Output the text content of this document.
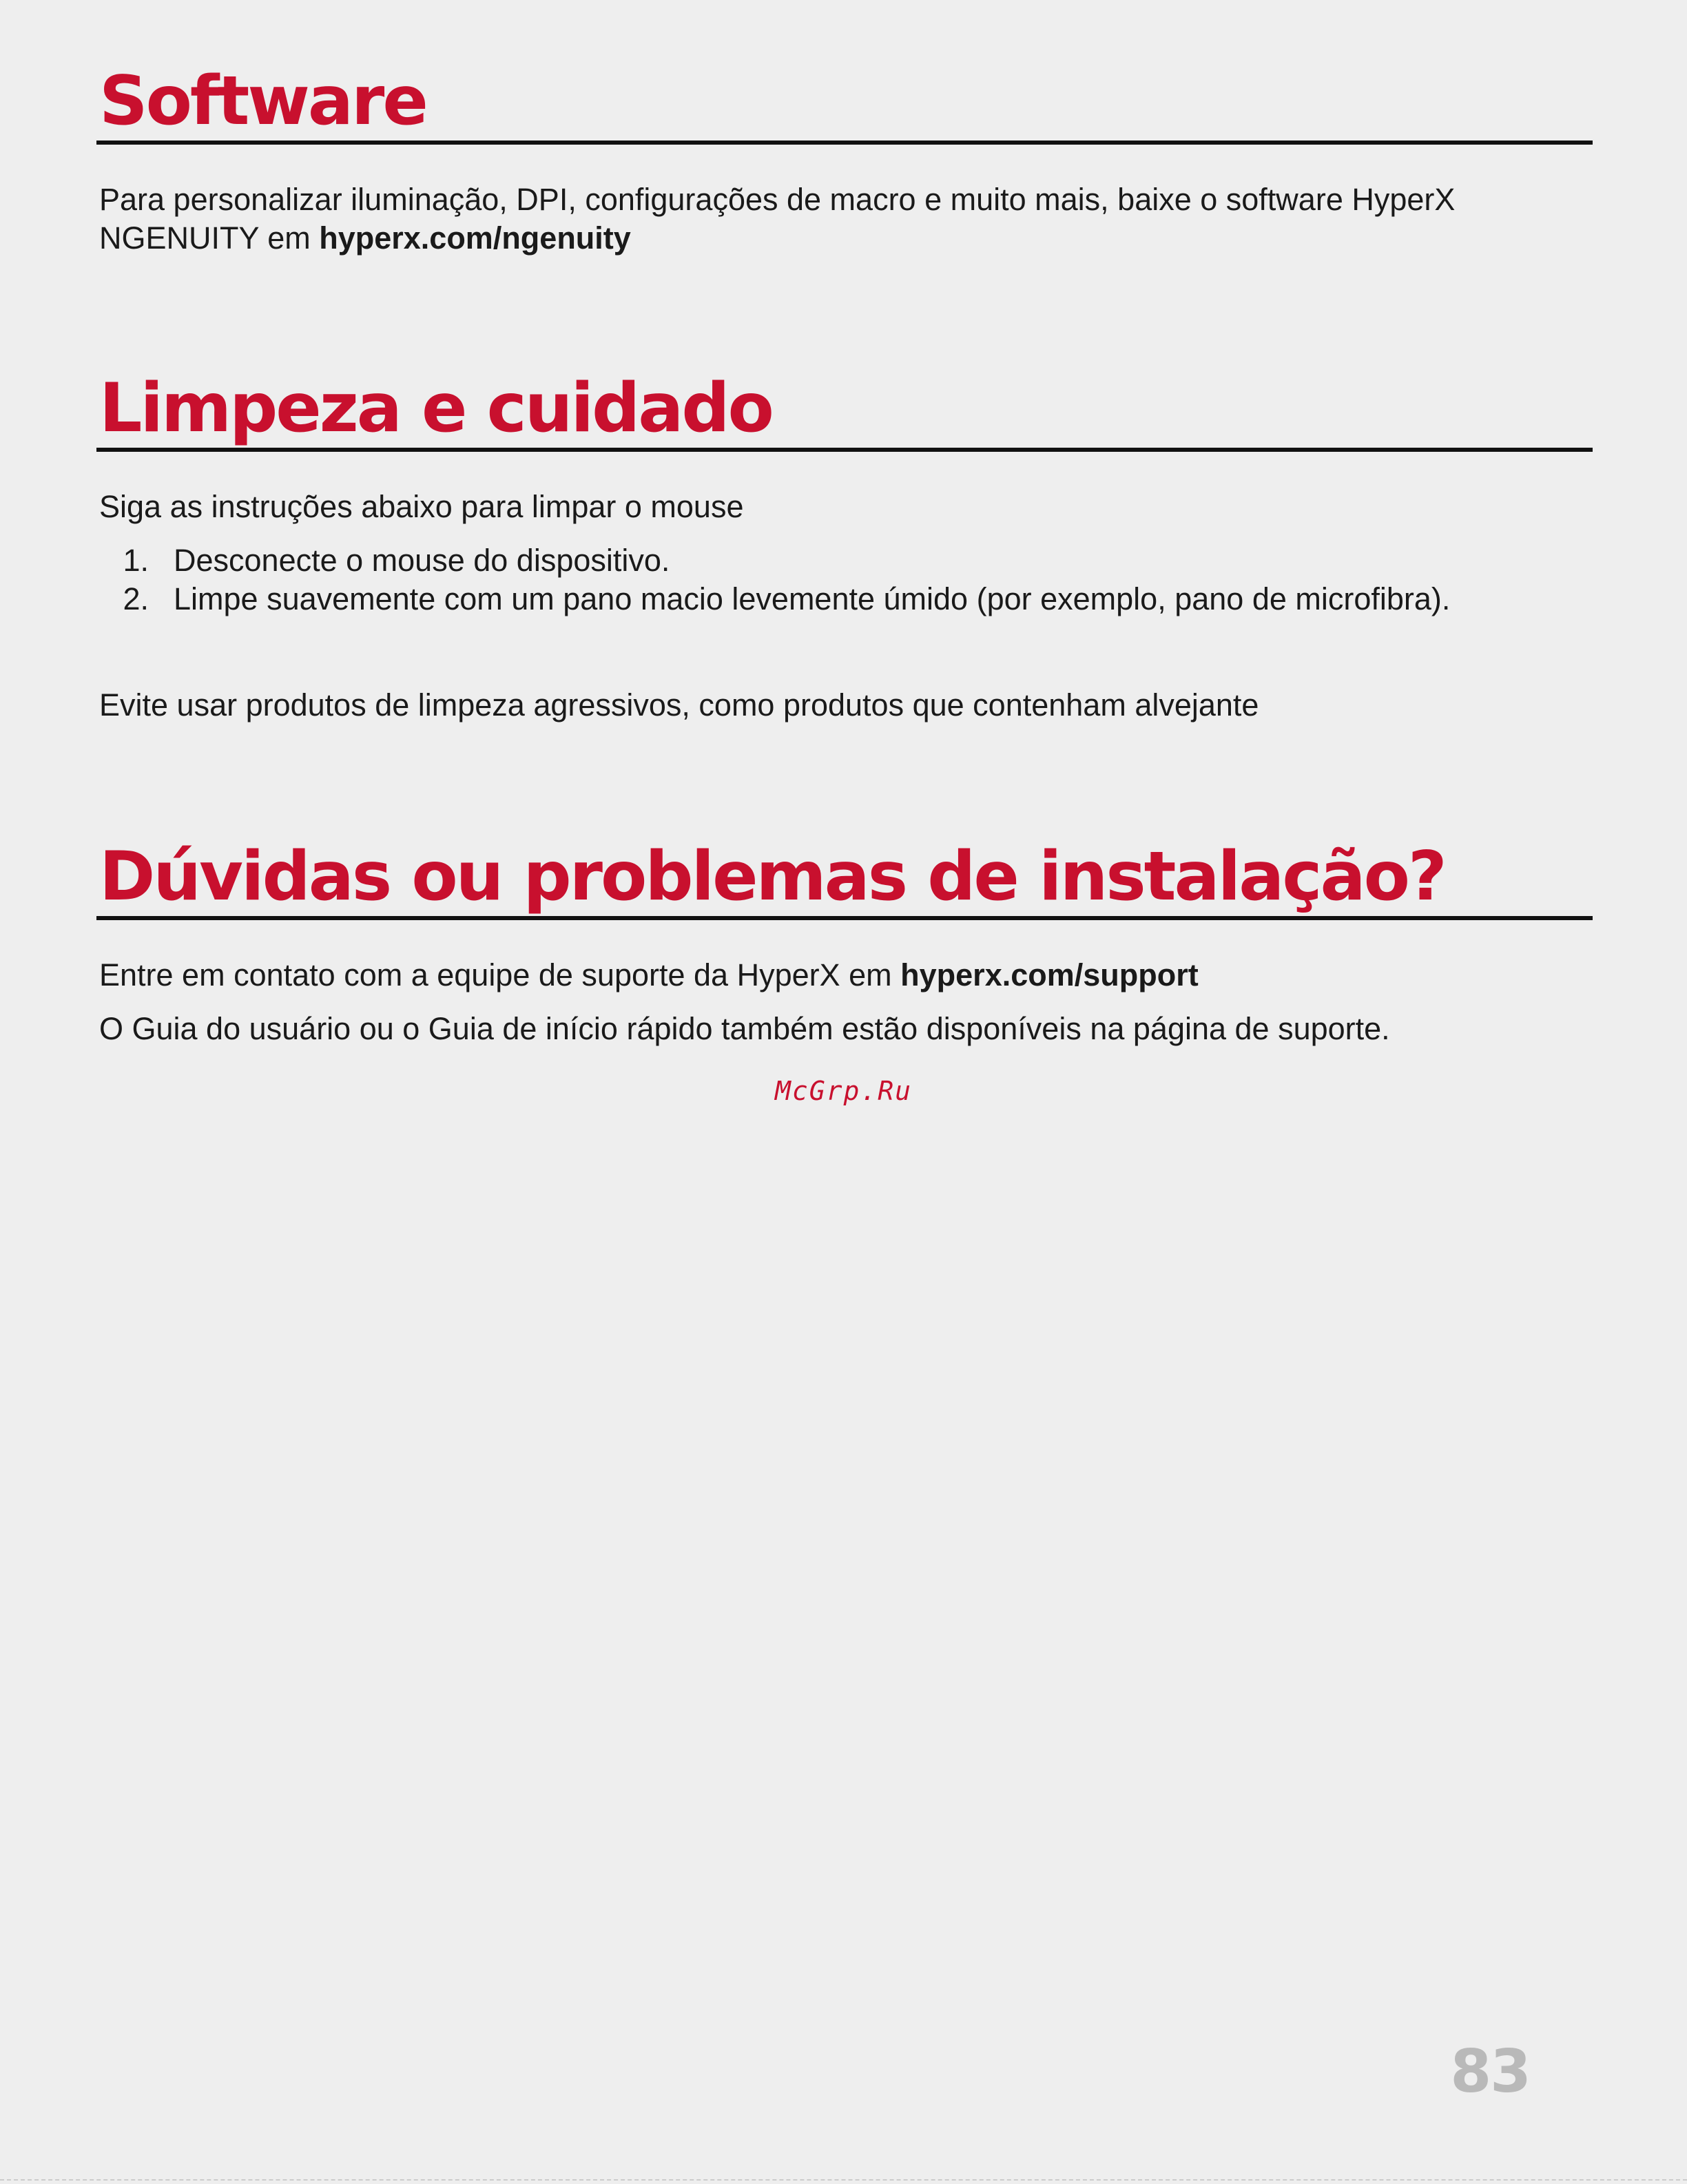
Software

Para personalizar iluminação, DPI, configurações de macro e muito mais, baixe o software HyperX
NGENUITY em hyperx.com/ngenuity

Limpeza e cuidado

Siga as instruções abaixo para limpar o mouse

1. Desconecte o mouse do dispositivo.
2. Limpe suavemente com um pano macio levemente úmido (por exemplo, pano de microfibra).

Evite usar produtos de limpeza agressivos, como produtos que contenham alvejante

Dúvidas ou problemas de instalação?

Entre em contato com a equipe de suporte da HyperX em hyperx.com/support

O Guia do usuário ou o Guia de início rápido também estão disponíveis na página de suporte.

McGrp.Ru
83
